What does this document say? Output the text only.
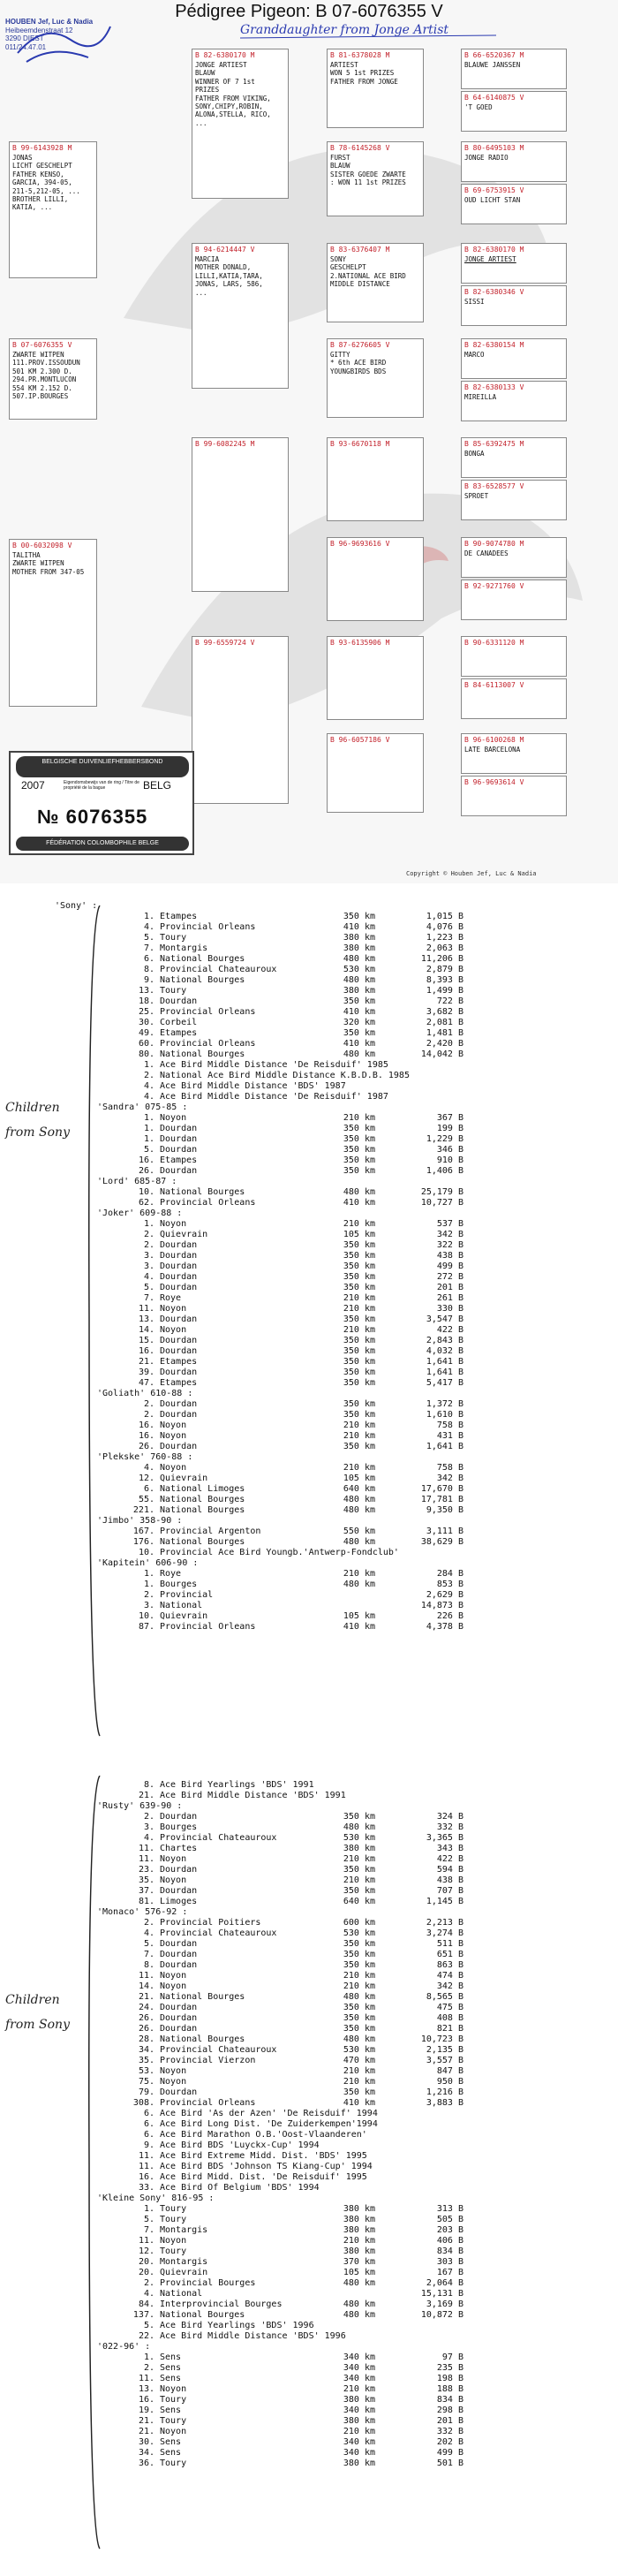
Pédigree Pigeon: B 07-6076355 V
Granddaughter from Jonge Artist
HOUBEN Jef, Luc & Nadia
Heibeemdenstraat 12
3290 DIEST
011/24.47.01
B 07-6076355 V
ZWARTE WITPEN
111.PROV.ISSOUDUN
501 KM 2.300 D.
294.PR.MONTLUCON
554 KM 2.152 D.
507.IP.BOURGES
B 99-6143928 M
JONAS
LICHT GESCHELPT
FATHER KENSO,
GARCIA, 394-05,
211-5,212-05, ...
BROTHER LILLI,
KATIA, ...
B 00-6032098 V
TALITHA
ZWARTE WITPEN
MOTHER FROM 347-05
B 82-6380170 M
JONGE ARTIEST
BLAUW
WINNER OF 7 1st
PRIZES
FATHER FROM VIKING,
SONY,CHIPY,ROBIN,
ALONA,STELLA, RICO,
...
B 94-6214447 V
MARCIA
MOTHER DONALD,
LILLI,KATIA,TARA,
JONAS, LARS, 586,
...
B 99-6082245 M
B 99-6559724 V
B 81-6378028 M
ARTIEST
WON 5 1st PRIZES
FATHER FROM JONGE
B 78-6145268 V
FURST
BLAUW
SISTER GOEDE ZWARTE
: WON 11 1st PRIZES
B 83-6376407 M
SONY
GESCHELPT
2.NATIONAL ACE BIRD
MIDDLE DISTANCE
B 87-6276605 V
GITTY
* 6th ACE BIRD
YOUNGBIRDS BDS
B 93-6670118 M
B 96-9693616 V
B 93-6135906 M
B 96-6057186 V
B 66-6520367 M
BLAUWE JANSSEN
B 64-6140875 V
'T GOED
B 80-6495103 M
JONGE RADIO
B 69-6753915 V
OUD LICHT STAN
B 82-6380170 M
JONGE ARTIEST
B 82-6380346 V
SISSI
B 82-6380154 M
MARCO
B 82-6380133 V
MIREILLA
B 85-6392475 M
BONGA
B 83-6528577 V
SPROET
B 90-9074780 M
DE CANADEES
B 92-9271760 V
B 90-6331120 M
B 84-6113007 V
B 96-6100268 M
LATE BARCELONA
B 96-9693614 V
BELGISCHE DUIVENLIEFHEBBERSBOND
2007	Eigendomsbewijs van de ring / Titre de propriété de la bague	BELG
№ 6076355
FÉDÉRATION COLOMBOPHILE BELGE
Copyright © Houben Jef, Luc & Nadia
'Sony' :
1. Etampes	350 km	1,015 B
4. Provincial Orleans	410 km	4,076 B
5. Toury	380 km	1,223 B
7. Montargis	380 km	2,063 B
6. National Bourges	480 km	11,206 B
8. Provincial Chateauroux	530 km	2,879 B
9. National Bourges	480 km	8,393 B
13. Toury	380 km	1,499 B
18. Dourdan	350 km	722 B
25. Provincial Orleans	410 km	3,682 B
30. Corbeil	320 km	2,081 B
49. Etampes	350 km	1,481 B
60. Provincial Orleans	410 km	2,420 B
80. National Bourges	480 km	14,042 B
1. Ace Bird Middle Distance 'De Reisduif' 1985
2. National Ace Bird Middle Distance K.B.D.B. 1985
4. Ace Bird Middle Distance 'BDS' 1987
4. Ace Bird Middle Distance 'De Reisduif' 1987
'Sandra' 075-85 :
1. Noyon	210 km	367 B
1. Dourdan	350 km	199 B
1. Dourdan	350 km	1,229 B
5. Dourdan	350 km	346 B
16. Etampes	350 km	910 B
26. Dourdan	350 km	1,406 B
'Lord' 685-87 :
10. National Bourges	480 km	25,179 B
62. Provincial Orleans	410 km	10,727 B
'Joker' 609-88 :
1. Noyon	210 km	537 B
2. Quievrain	105 km	342 B
2. Dourdan	350 km	322 B
3. Dourdan	350 km	438 B
3. Dourdan	350 km	499 B
4. Dourdan	350 km	272 B
5. Dourdan	350 km	201 B
7. Roye	210 km	261 B
11. Noyon	210 km	330 B
13. Dourdan	350 km	3,547 B
14. Noyon	210 km	422 B
15. Dourdan	350 km	2,843 B
16. Dourdan	350 km	4,032 B
21. Etampes	350 km	1,641 B
39. Dourdan	350 km	1,641 B
47. Etampes	350 km	5,417 B
'Goliath' 610-88 :
2. Dourdan	350 km	1,372 B
2. Dourdan	350 km	1,610 B
16. Noyon	210 km	758 B
16. Noyon	210 km	431 B
26. Dourdan	350 km	1,641 B
'Plekske' 760-88 :
4. Noyon	210 km	758 B
12. Quievrain	105 km	342 B
6. National Limoges	640 km	17,670 B
55. National Bourges	480 km	17,781 B
221. National Bourges	480 km	9,350 B
'Jimbo' 358-90 :
167. Provincial Argenton	550 km	3,111 B
176. National Bourges	480 km	38,629 B
10. Provincial Ace Bird Youngb.'Antwerp-Fondclub'
'Kapitein' 606-90 :
1. Roye	210 km	284 B
1. Bourges	480 km	853 B
2. Provincial	2,629 B
3. National	14,873 B
10. Quievrain	105 km	226 B
87. Provincial Orleans	410 km	4,378 B
8. Ace Bird Yearlings 'BDS' 1991
21. Ace Bird Middle Distance 'BDS' 1991
'Rusty' 639-90 :
2. Dourdan	350 km	324 B
3. Bourges	480 km	332 B
4. Provincial Chateauroux	530 km	3,365 B
11. Chartes	380 km	343 B
11. Noyon	210 km	422 B
23. Dourdan	350 km	594 B
35. Noyon	210 km	438 B
37. Dourdan	350 km	707 B
81. Limoges	640 km	1,145 B
'Monaco' 576-92 :
2. Provincial Poitiers	600 km	2,213 B
4. Provincial Chateauroux	530 km	3,274 B
5. Dourdan	350 km	511 B
7. Dourdan	350 km	651 B
8. Dourdan	350 km	863 B
11. Noyon	210 km	474 B
14. Noyon	210 km	342 B
21. National Bourges	480 km	8,565 B
24. Dourdan	350 km	475 B
26. Dourdan	350 km	408 B
26. Dourdan	350 km	821 B
28. National Bourges	480 km	10,723 B
34. Provincial Chateauroux	530 km	2,135 B
35. Provincial Vierzon	470 km	3,557 B
53. Noyon	210 km	847 B
75. Noyon	210 km	950 B
79. Dourdan	350 km	1,216 B
308. Provincial Orleans	410 km	3,883 B
6. Ace Bird 'As der Azen' 'De Reisduif' 1994
6. Ace Bird Long Dist. 'De Zuiderkempen'1994
6. Ace Bird Marathon O.B.'Oost-Vlaanderen'
9. Ace Bird BDS 'Luyckx-Cup' 1994
11. Ace Bird Extreme Midd. Dist. 'BDS' 1995
11. Ace Bird BDS 'Johnson TS Kiang-Cup' 1994
16. Ace Bird Midd. Dist. 'De Reisduif' 1995
33. Ace Bird Of Belgium 'BDS' 1994
'Kleine Sony' 816-95 :
1. Toury	380 km	313 B
5. Toury	380 km	505 B
7. Montargis	380 km	203 B
11. Noyon	210 km	406 B
12. Toury	380 km	834 B
20. Montargis	370 km	303 B
20. Quievrain	105 km	167 B
2. Provincial Bourges	480 km	2,064 B
4. National	15,131 B
84. Interprovincial Bourges	480 km	3,169 B
137. National Bourges	480 km	10,872 B
5. Ace Bird Yearlings 'BDS' 1996
22. Ace Bird Middle Distance 'BDS' 1996
'022-96' :
1. Sens	340 km	97 B
2. Sens	340 km	235 B
11. Sens	340 km	198 B
13. Noyon	210 km	188 B
16. Toury	380 km	834 B
19. Sens	340 km	298 B
21. Toury	380 km	201 B
21. Noyon	210 km	332 B
30. Sens	340 km	202 B
34. Sens	340 km	499 B
36. Toury	380 km	501 B
Children from Sony
Children from Sony
